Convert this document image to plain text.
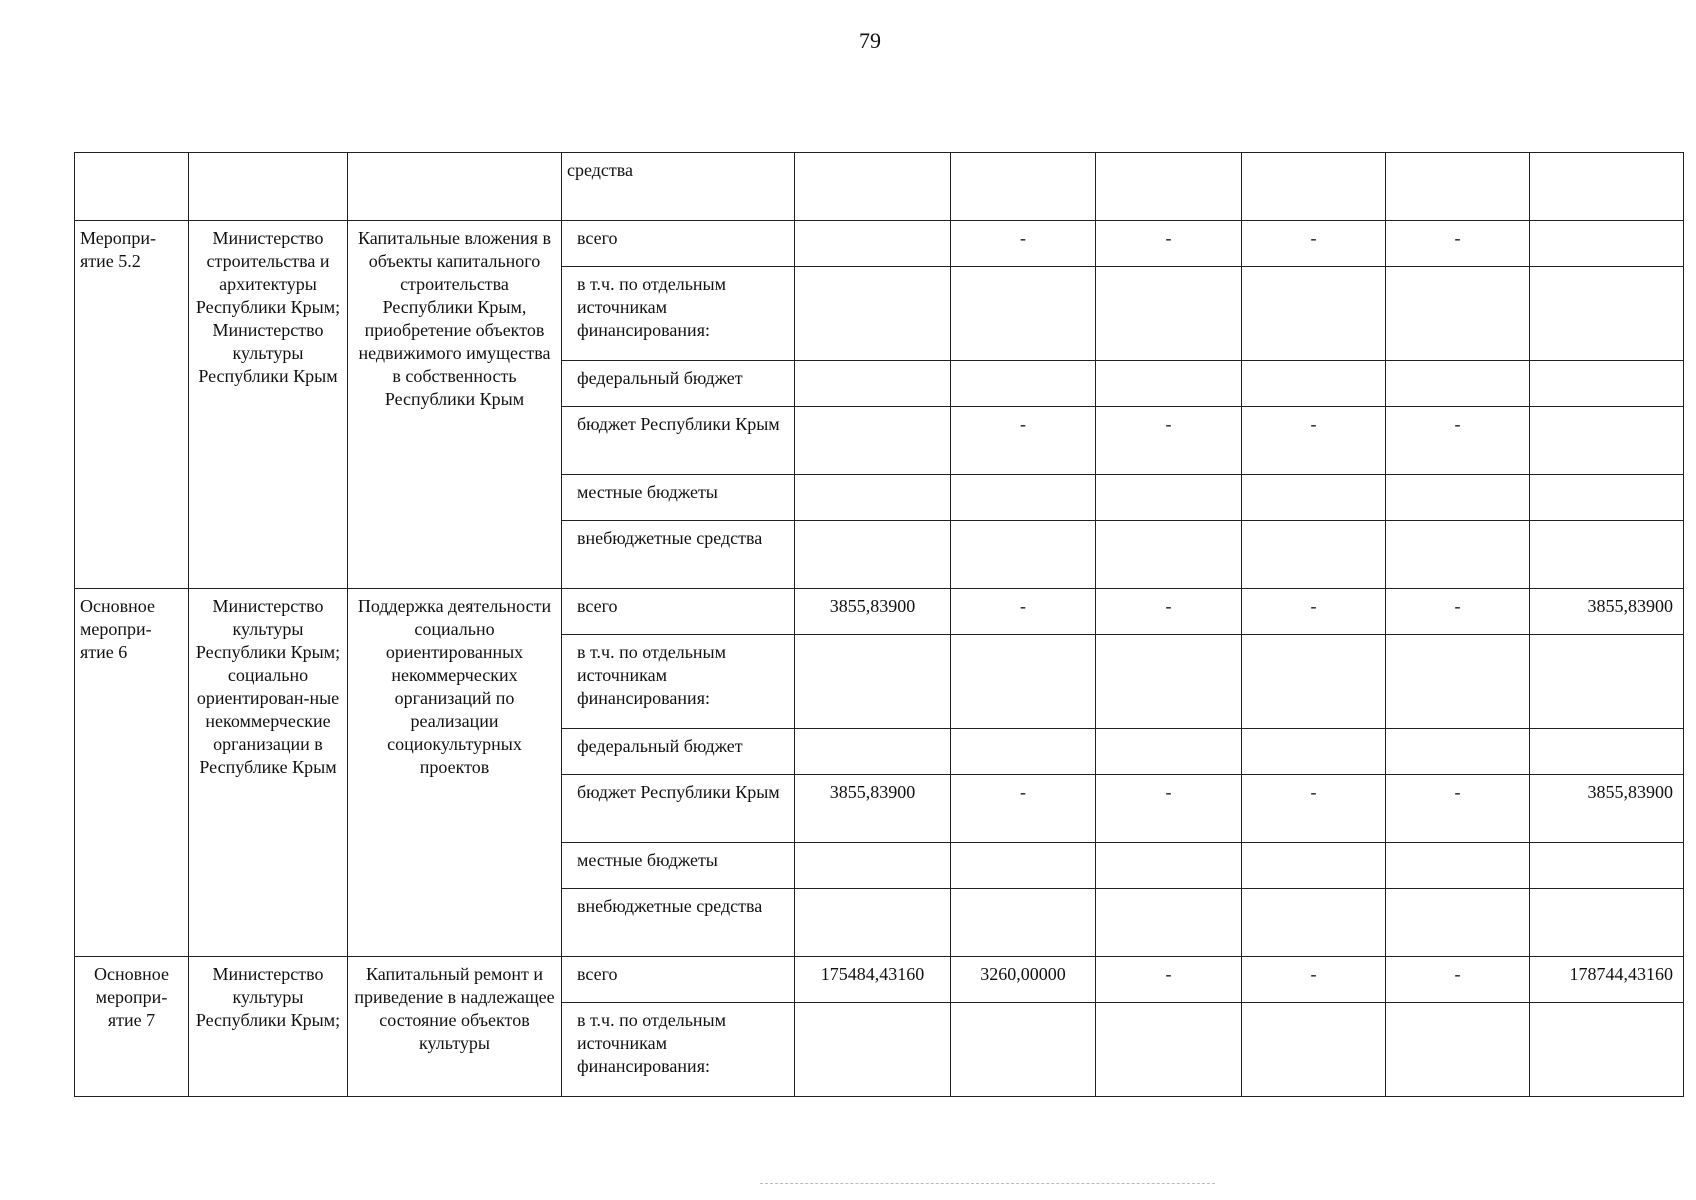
79
			средства						
Меропри-ятие 5.2	Министерство строительства и архитектуры Республики Крым; Министерство культуры Республики Крым	Капитальные вложения в объекты капитального строительства Республики Крым, приобретение объектов недвижимого имущества в собственность Республики Крым	всего		-	-	-	-	
			в т.ч. по отдельным источникам финансирования:						
			федеральный бюджет						
			бюджет Республики Крым		-	-	-	-	
			местные бюджеты						
			внебюджетные средства						
Основное меропри-ятие 6	Министерство культуры Республики Крым; социально ориентирован-ные некоммерческие организации в Республике Крым	Поддержка деятельности социально ориентированных некоммерческих организаций по реализации социокультурных проектов	всего	3855,83900	-	-	-	-	3855,83900
			в т.ч. по отдельным источникам финансирования:						
			федеральный бюджет						
			бюджет Республики Крым	3855,83900	-	-	-	-	3855,83900
			местные бюджеты						
			внебюджетные средства						
Основное меропри-ятие 7	Министерство культуры Республики Крым;	Капитальный ремонт и приведение в надлежащее состояние объектов культуры	всего	175484,43160	3260,00000	-	-	-	178744,43160
			в т.ч. по отдельным источникам финансирования:						
